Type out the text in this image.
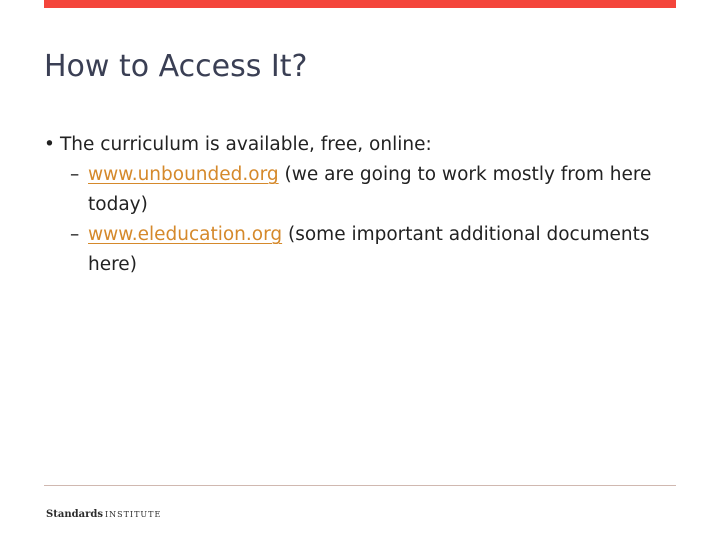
How to Access It?
• The curriculum is available, free, online:
– www.unbounded.org (we are going to work mostly from here today)
– www.eleducation.org (some important additional documents here)
Standards INSTITUTE
